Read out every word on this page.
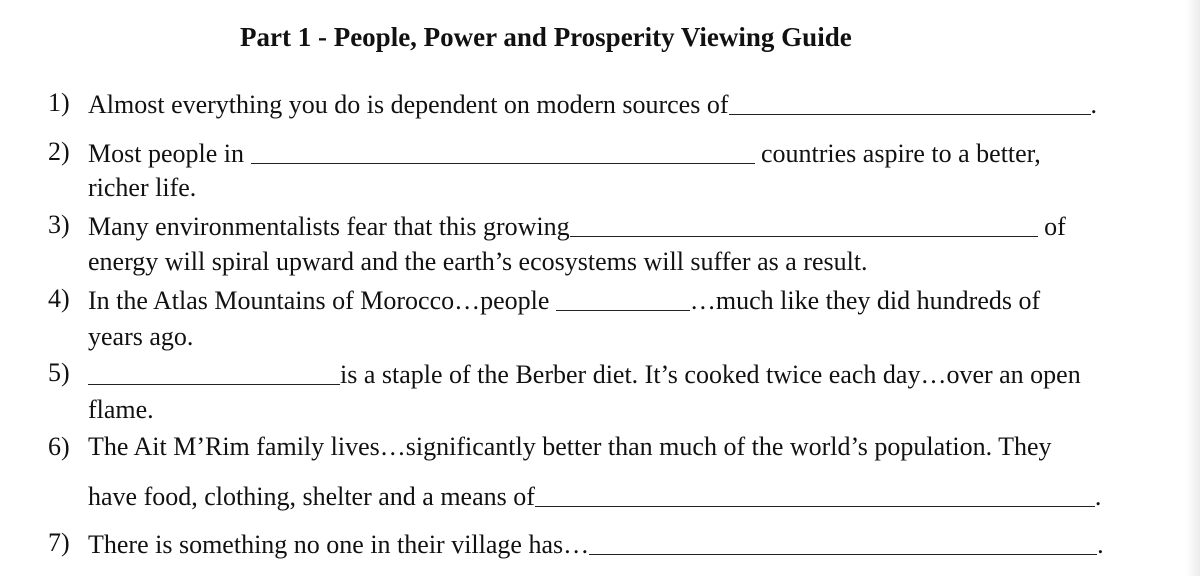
Part 1 - People, Power and Prosperity Viewing Guide
1) Almost everything you do is dependent on modern sources of	.
2) Most people in	countries aspire to a better,
richer life.
3) Many environmentalists fear that this growing	of
energy will spiral upward and the earth’s ecosystems will suffer as a result.
4) In the Atlas Mountains of Morocco…people	…much like they did hundreds of
years ago.
5)	is a staple of the Berber diet. It’s cooked twice each day…over an open
flame.
6) The Ait M’Rim family lives…significantly better than much of the world’s population. They
have food, clothing, shelter and a means of	.
7) There is something no one in their village has…	.
